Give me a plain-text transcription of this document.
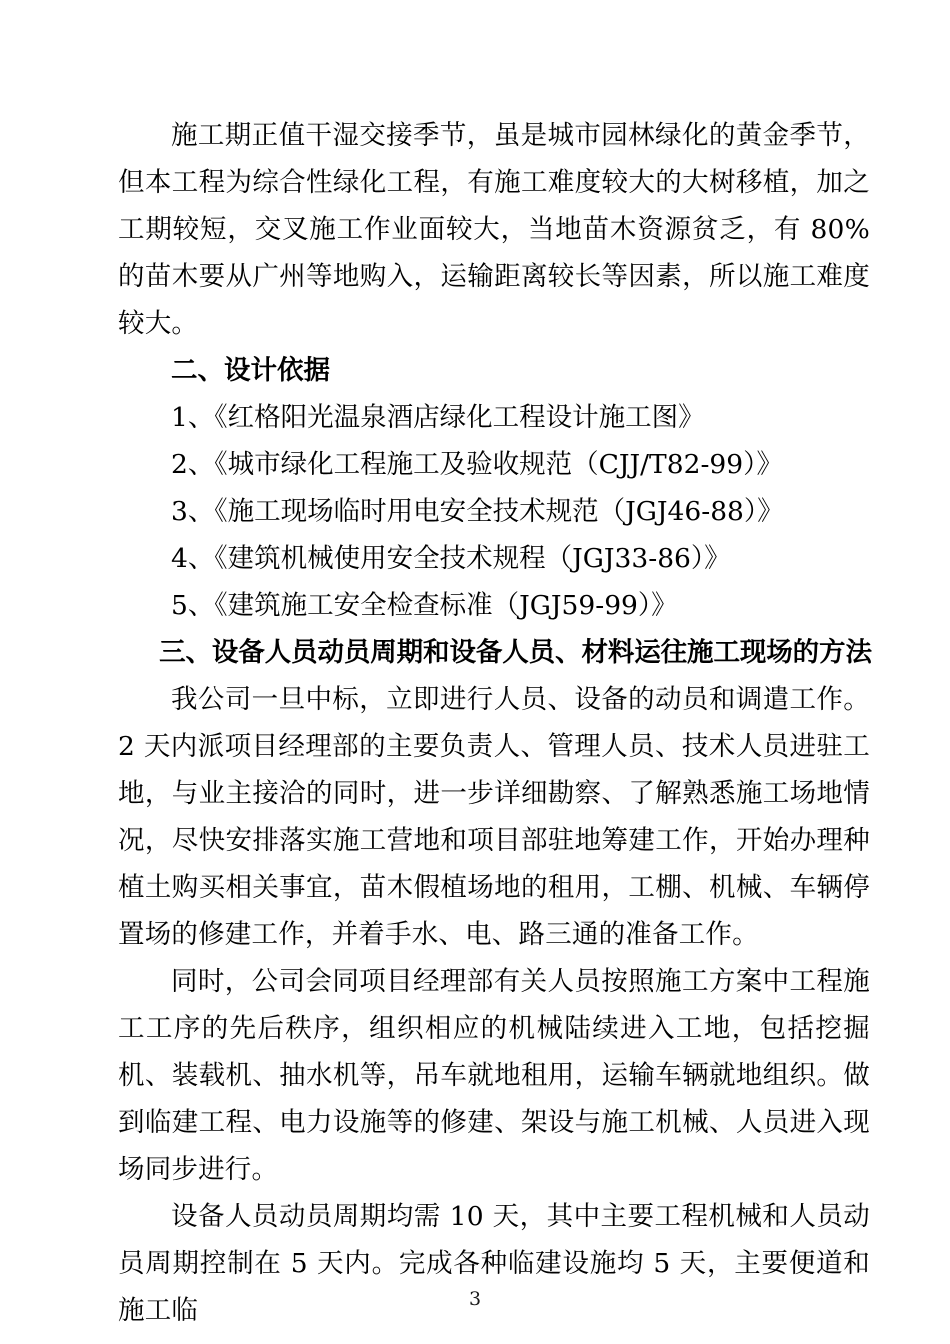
施工期正值干湿交接季节，虽是城市园林绿化的黄金季节，但本工程为综合性绿化工程，有施工难度较大的大树移植，加之工期较短，交叉施工作业面较大，当地苗木资源贫乏，有 80%的苗木要从广州等地购入，运输距离较长等因素，所以施工难度较大。

二、设计依据

1、《红格阳光温泉酒店绿化工程设计施工图》

2、《城市绿化工程施工及验收规范（CJJ/T82-99）》

3、《施工现场临时用电安全技术规范（JGJ46-88）》

4、《建筑机械使用安全技术规程（JGJ33-86）》

5、《建筑施工安全检查标准（JGJ59-99）》

三、设备人员动员周期和设备人员、材料运往施工现场的方法

我公司一旦中标，立即进行人员、设备的动员和调遣工作。2 天内派项目经理部的主要负责人、管理人员、技术人员进驻工地，与业主接洽的同时，进一步详细勘察、了解熟悉施工场地情况，尽快安排落实施工营地和项目部驻地筹建工作，开始办理种植土购买相关事宜，苗木假植场地的租用，工棚、机械、车辆停置场的修建工作，并着手水、电、路三通的准备工作。

同时，公司会同项目经理部有关人员按照施工方案中工程施工工序的先后秩序，组织相应的机械陆续进入工地，包括挖掘机、装载机、抽水机等，吊车就地租用，运输车辆就地组织。做到临建工程、电力设施等的修建、架设与施工机械、人员进入现场同步进行。

设备人员动员周期均需 10 天，其中主要工程机械和人员动员周期控制在 5 天内。完成各种临建设施均 5 天，主要便道和施工临	3
